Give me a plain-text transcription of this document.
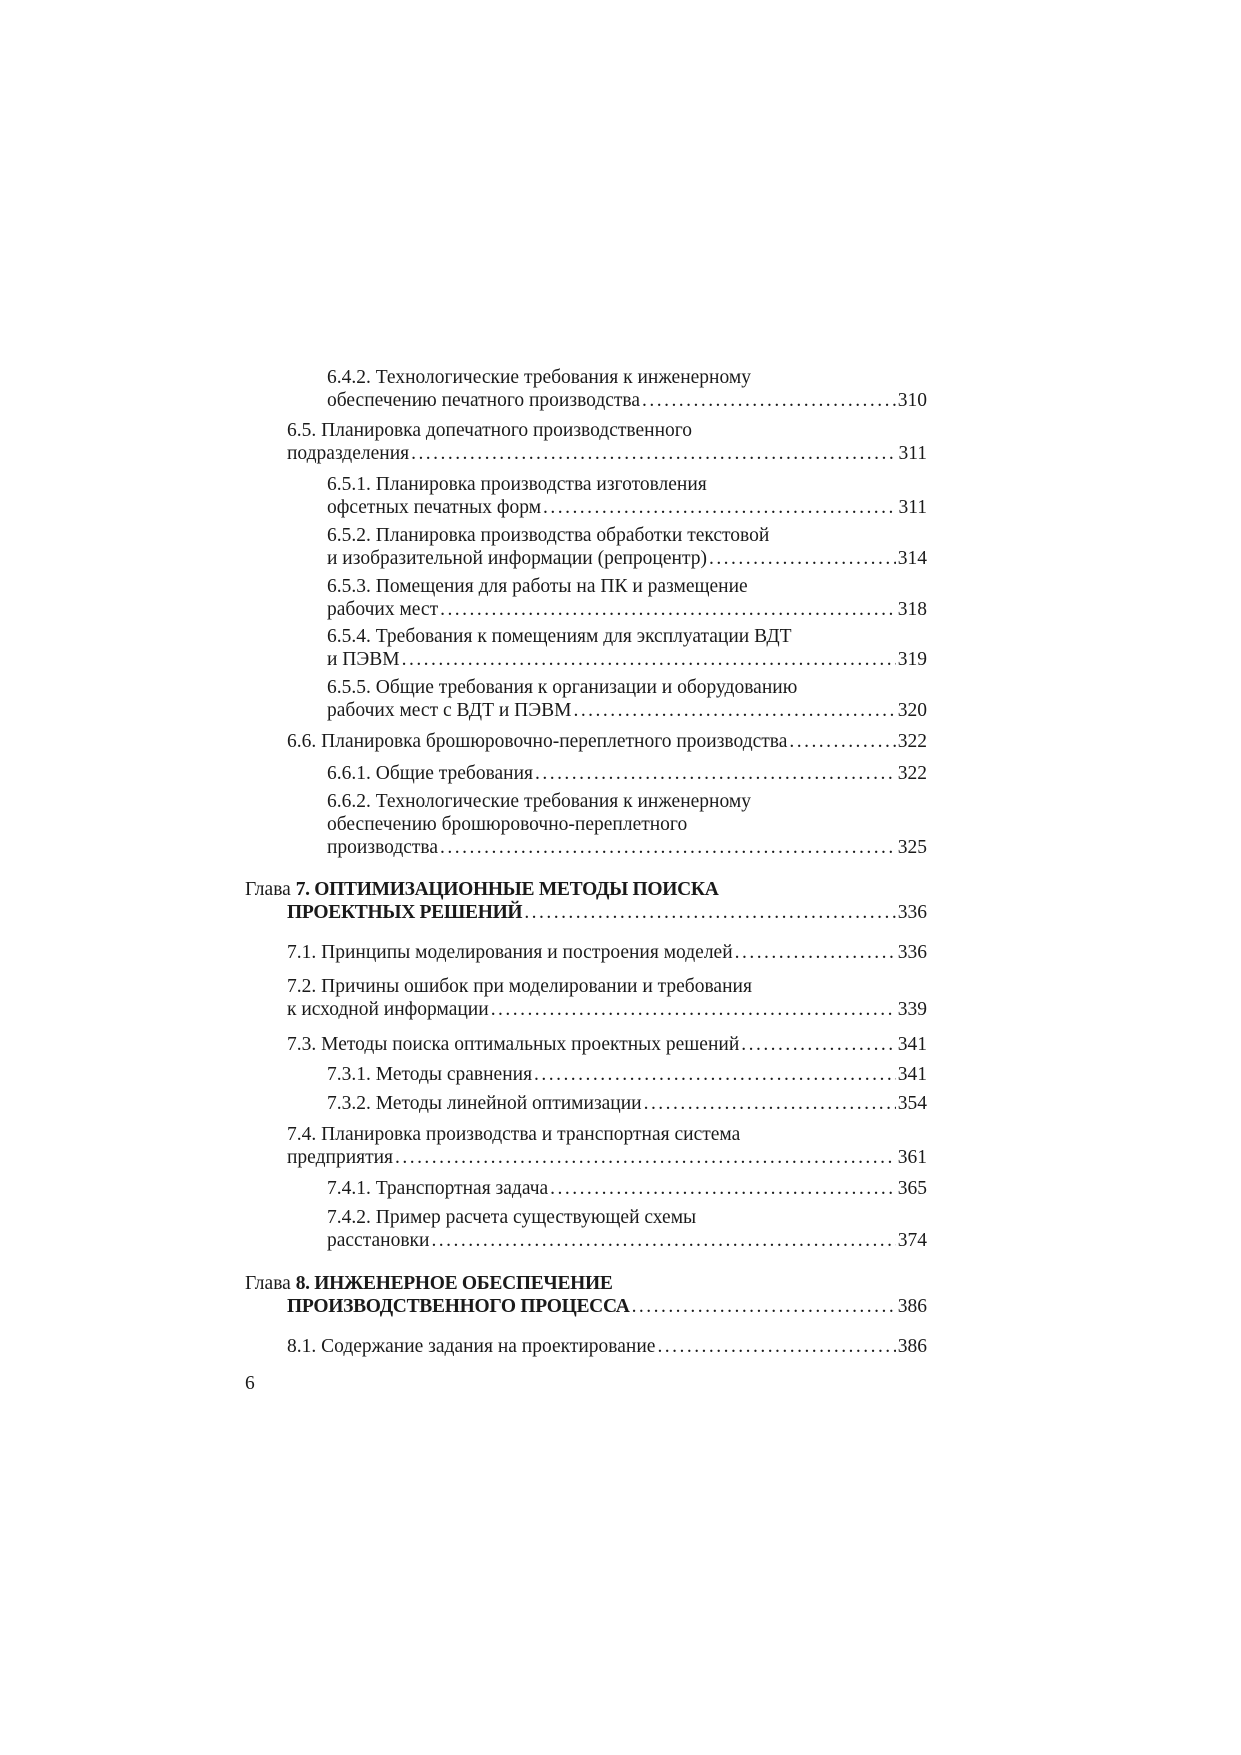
6.4.2. Технологические требования к инженерному
обеспечению печатного производства . . .	310
6.5. Планировка допечатного производственного
подразделения . . .	311
6.5.1. Планировка производства изготовления
офсетных печатных форм . . .	311
6.5.2. Планировка производства обработки текстовой
и изобразительной информации (репроцентр) . . .	314
6.5.3. Помещения для работы на ПК и размещение
рабочих мест . . .	318
6.5.4. Требования к помещениям для эксплуатации ВДТ
и ПЭВМ . . .	319
6.5.5. Общие требования к организации и оборудованию
рабочих мест с ВДТ и ПЭВМ . . .	320
6.6. Планировка брошюровочно-переплетного производства . . .	322
6.6.1. Общие требования . . .	322
6.6.2. Технологические требования к инженерному
обеспечению брошюровочно-переплетного
производства . . .	325
Глава 7. ОПТИМИЗАЦИОННЫЕ МЕТОДЫ ПОИСКА
ПРОЕКТНЫХ РЕШЕНИЙ . . .	336
7.1. Принципы моделирования и построения моделей . . .	336
7.2. Причины ошибок при моделировании и требования
к исходной информации . . .	339
7.3. Методы поиска оптимальных проектных решений . . .	341
7.3.1. Методы сравнения . . .	341
7.3.2. Методы линейной оптимизации . . .	354
7.4. Планировка производства и транспортная система
предприятия . . .	361
7.4.1. Транспортная задача . . .	365
7.4.2. Пример расчета существующей схемы
расстановки . . .	374
Глава 8. ИНЖЕНЕРНОЕ ОБЕСПЕЧЕНИЕ
ПРОИЗВОДСТВЕННОГО ПРОЦЕССА . . .	386
8.1. Содержание задания на проектирование . . .	386
6
